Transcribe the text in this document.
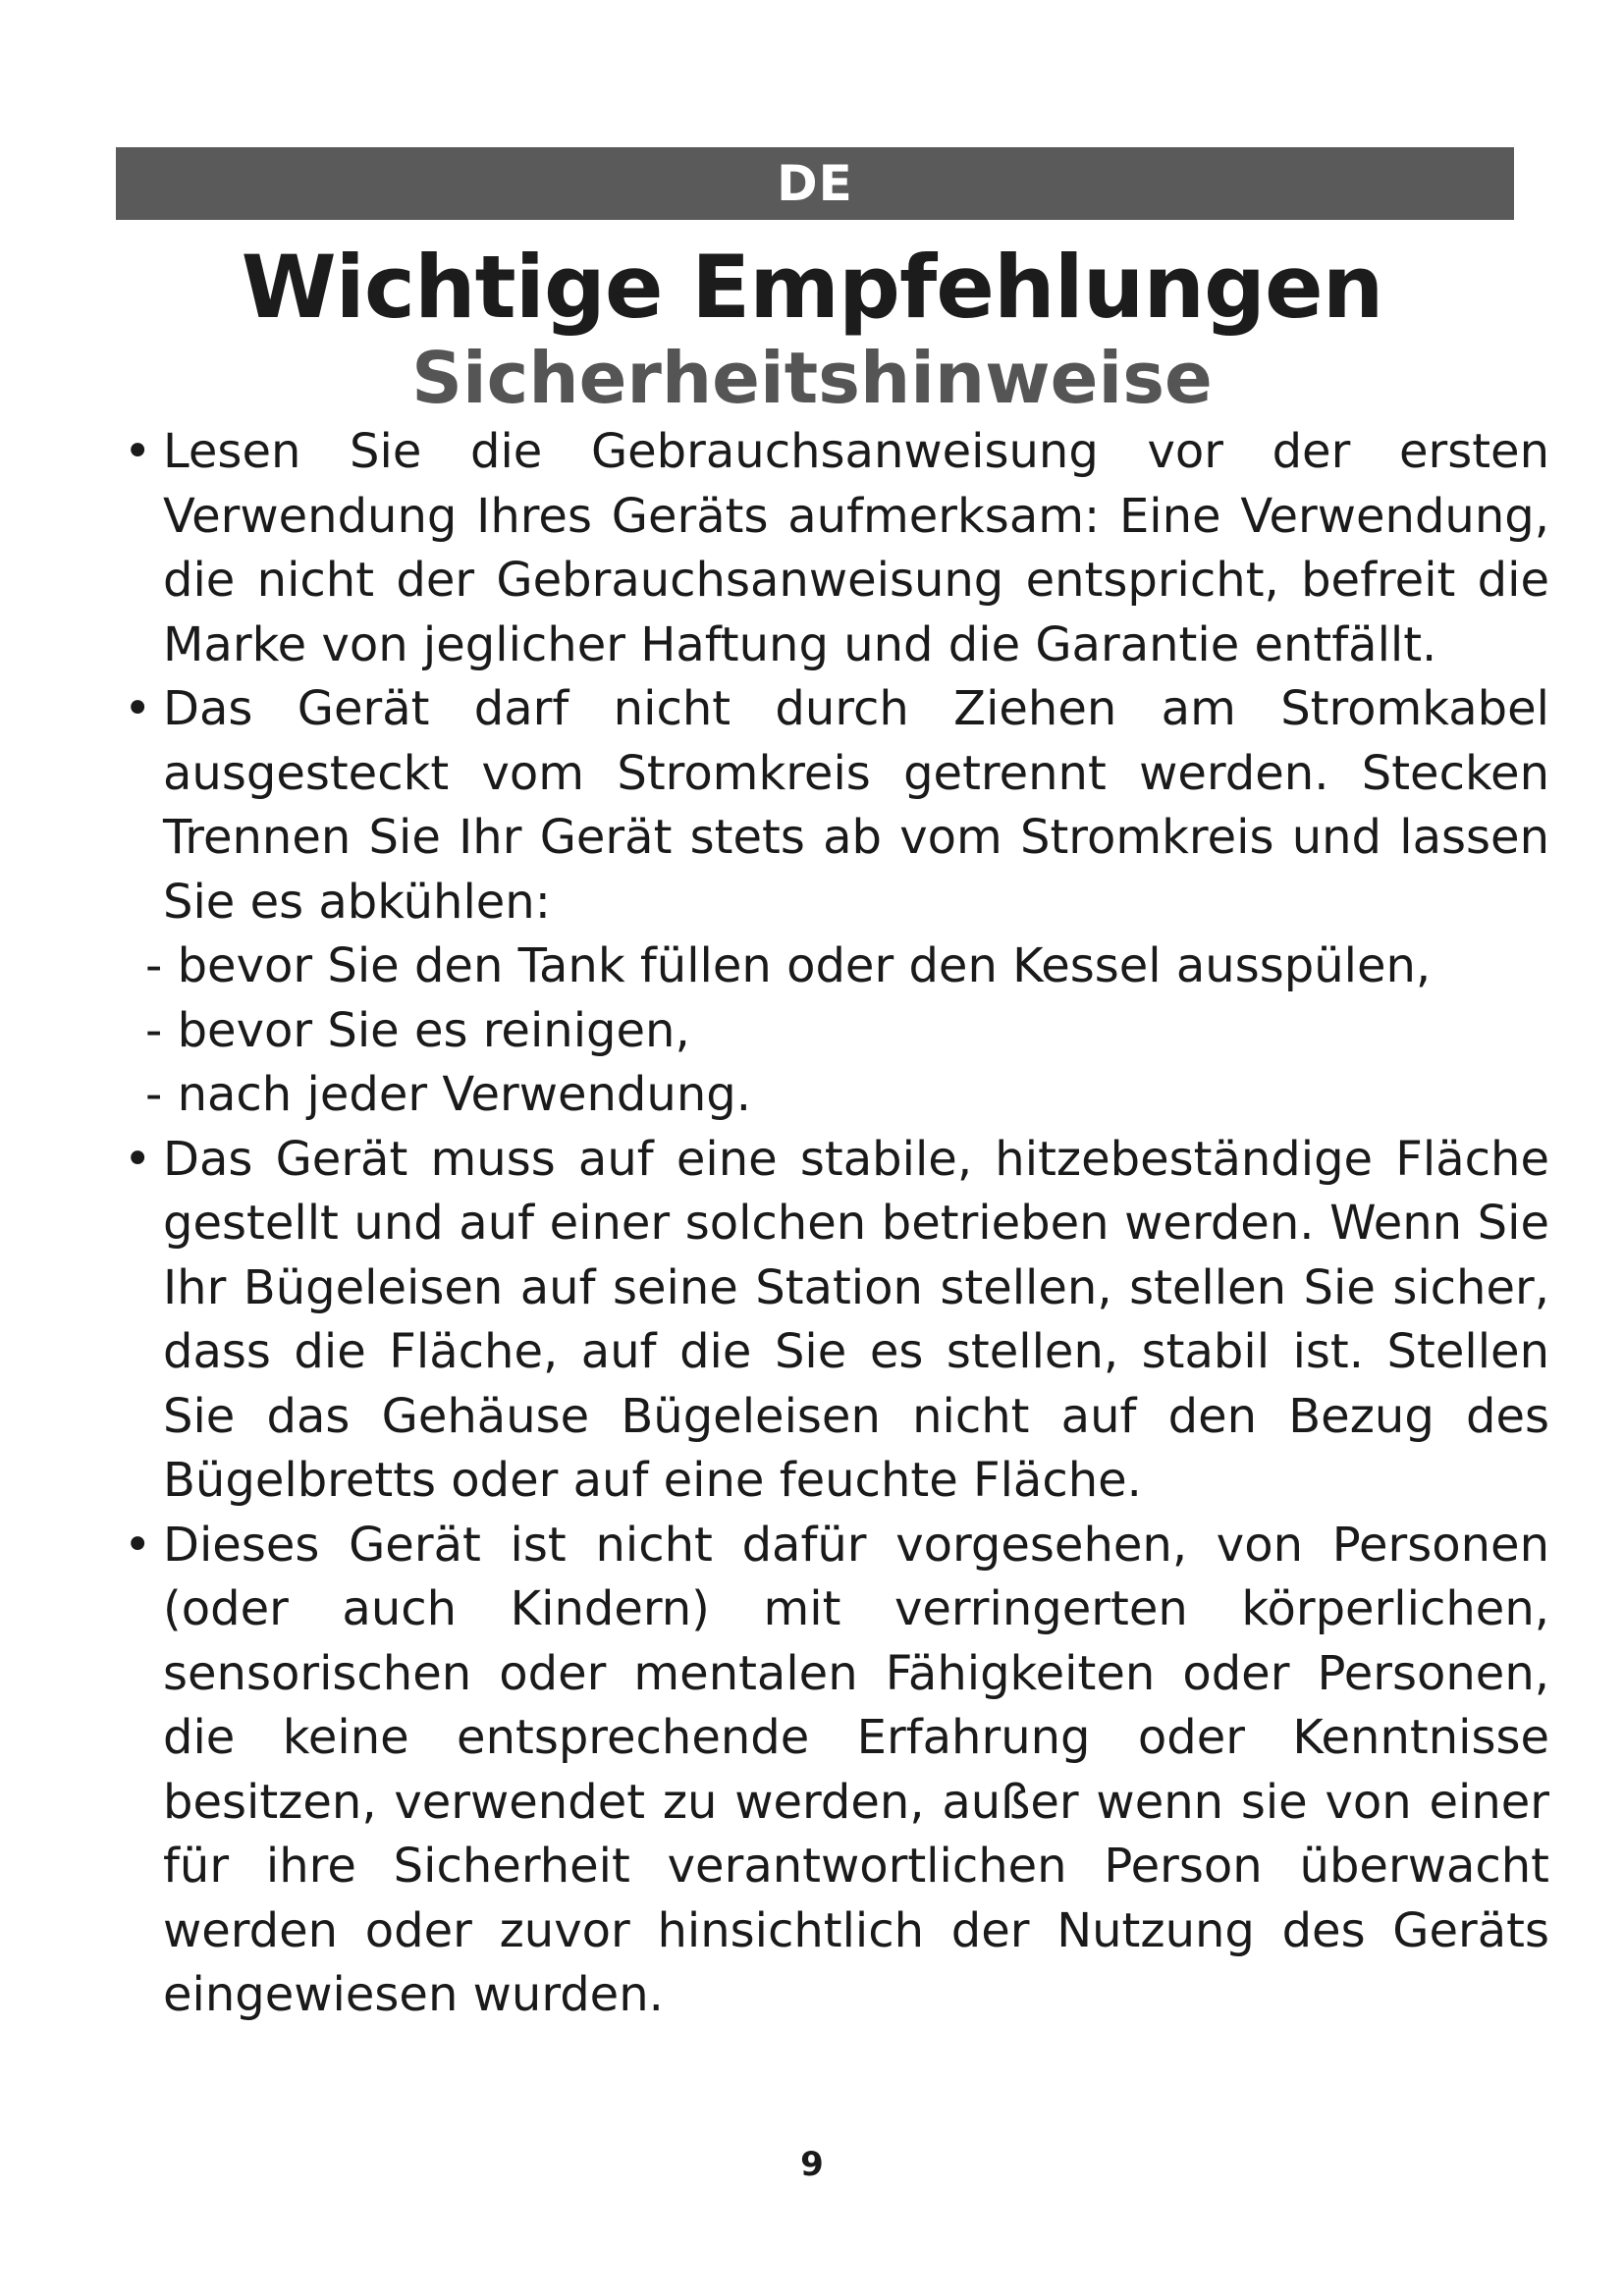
DE
Wichtige Empfehlungen
Sicherheitshinweise
• Lesen Sie die Gebrauchsanweisung vor der ersten Verwendung Ihres Geräts aufmerksam: Eine Verwendung, die nicht der Gebrauchsanweisung entspricht, befreit die Marke von jeglicher Haftung und die Garantie entfällt.
• Das Gerät darf nicht durch Ziehen am Stromkabel ausgesteckt vom Stromkreis getrennt werden. Stecken Trennen Sie Ihr Gerät stets ab vom Stromkreis und lassen Sie es abkühlen:
- bevor Sie den Tank füllen oder den Kessel ausspülen,
- bevor Sie es reinigen,
- nach jeder Verwendung.
• Das Gerät muss auf eine stabile, hitzebeständige Fläche gestellt und auf einer solchen betrieben werden. Wenn Sie Ihr Bügeleisen auf seine Station stellen, stellen Sie sicher, dass die Fläche, auf die Sie es stellen, stabil ist. Stellen Sie das Gehäuse Bügeleisen nicht auf den Bezug des Bügelbretts oder auf eine feuchte Fläche.
• Dieses Gerät ist nicht dafür vorgesehen, von Personen (oder auch Kindern) mit verringerten körperlichen, sensorischen oder mentalen Fähigkeiten oder Personen, die keine entsprechende Erfahrung oder Kenntnisse besitzen, verwendet zu werden, außer wenn sie von einer für ihre Sicherheit verantwortlichen Person überwacht werden oder zuvor hinsichtlich der Nutzung des Geräts eingewiesen wurden.
9
